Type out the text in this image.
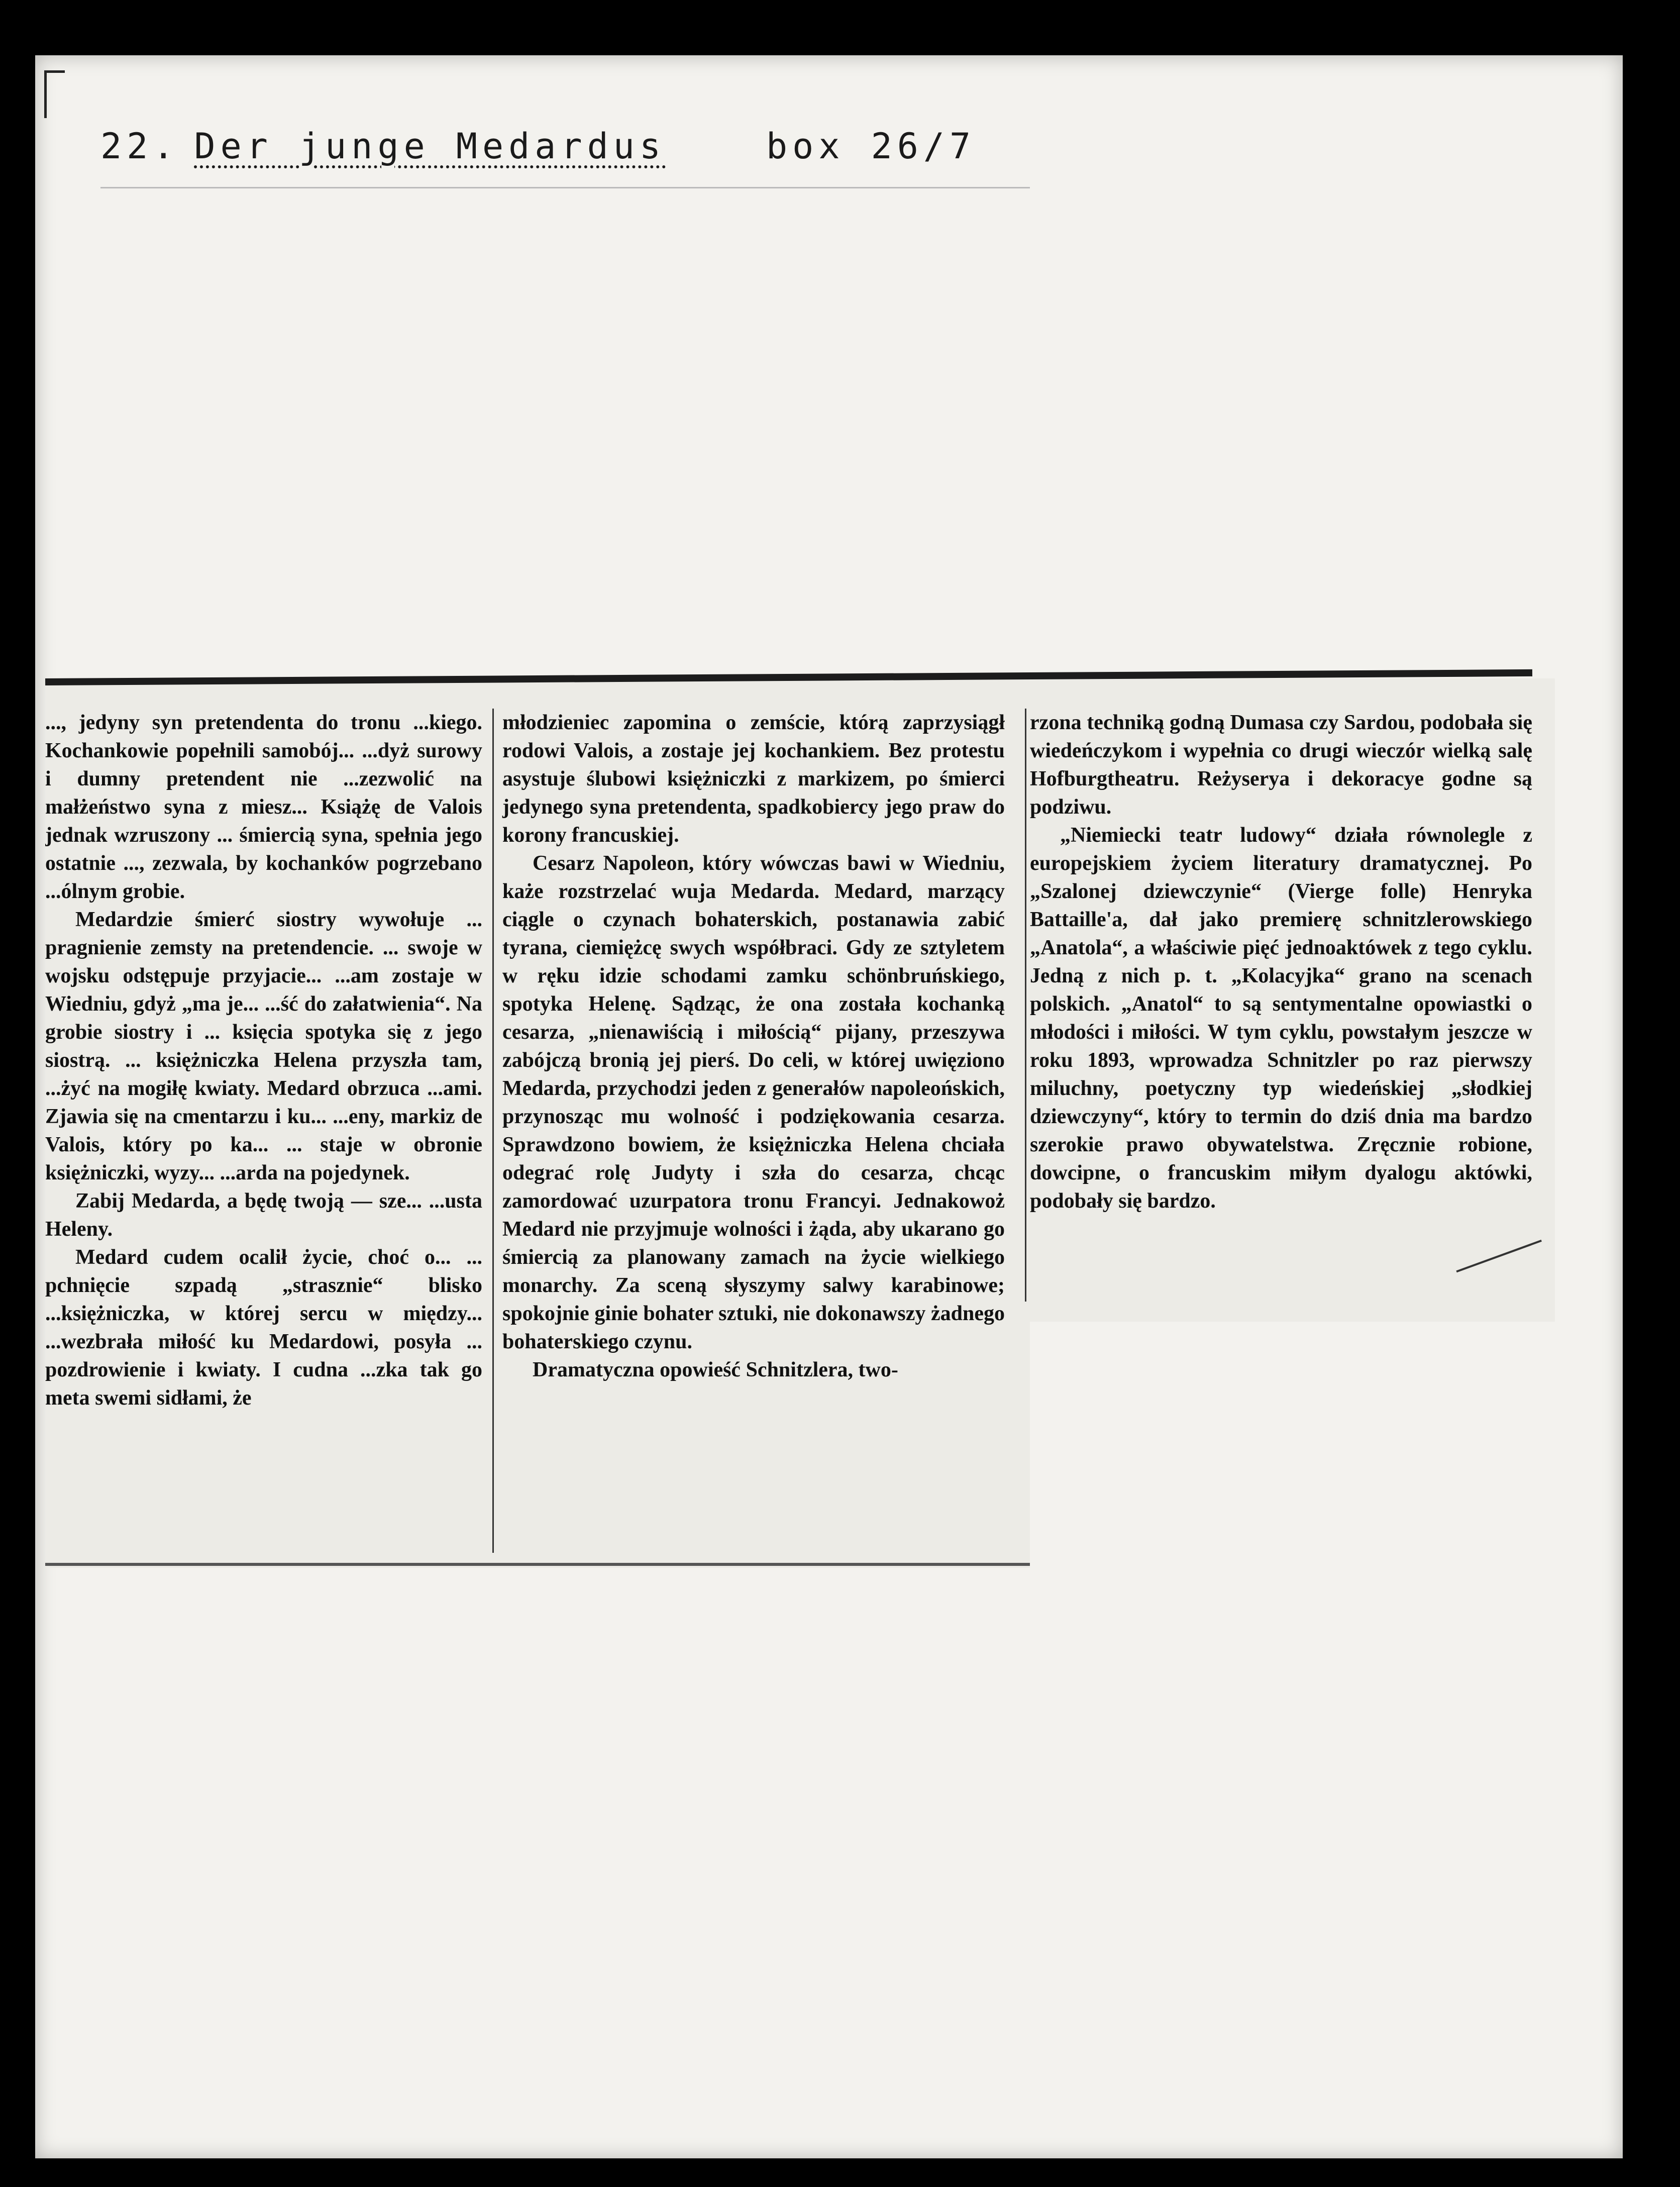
22. Der junge Medardus	box 26/7

..., jedyny syn pretendenta do tronu ...kiego. Kochankowie popełnili samobój... ...dyż surowy i dumny pretendent nie ...zezwolić na małżeństwo syna z miesz... Książę de Valois jednak wzruszony ... śmiercią syna, spełnia jego ostatnie ..., zezwala, by kochanków pogrzebano ...ólnym grobie.

Medardzie śmierć siostry wywołuje ... pragnienie zemsty na pretendencie. ... swoje w wojsku odstępuje przyjacie... ...am zostaje w Wiedniu, gdyż „ma je... ...ść do załatwienia“. Na grobie siostry i ... księcia spotyka się z jego siostrą. ... księżniczka Helena przyszła tam, ...żyć na mogiłę kwiaty. Medard obrzuca ...ami. Zjawia się na cmentarzu i ku... ...eny, markiz de Valois, który po ka... ... staje w obronie księżniczki, wyzy... ...arda na pojedynek.

Zabij Medarda, a będę twoją — sze... ...usta Heleny.

Medard cudem ocalił życie, choć o... ... pchnięcie szpadą „strasznie“ blisko ...księżniczka, w której sercu w między... ...wezbrała miłość ku Medardowi, posyła ... pozdrowienie i kwiaty. I cudna ...zka tak go meta swemi sidłami, że

młodzieniec zapomina o zemście, którą zaprzysiągł rodowi Valois, a zostaje jej kochankiem. Bez protestu asystuje ślubowi księżniczki z markizem, po śmierci jedynego syna pretendenta, spadkobiercy jego praw do korony francuskiej.

Cesarz Napoleon, który wówczas bawi w Wiedniu, każe rozstrzelać wuja Medarda. Medard, marzący ciągle o czynach bohaterskich, postanawia zabić tyrana, ciemiężcę swych współbraci. Gdy ze sztyletem w ręku idzie schodami zamku schönbruńskiego, spotyka Helenę. Sądząc, że ona została kochanką cesarza, „nienawiścią i miłością“ pijany, przeszywa zabójczą bronią jej pierś. Do celi, w której uwięziono Medarda, przychodzi jeden z generałów napoleońskich, przynosząc mu wolność i podziękowania cesarza. Sprawdzono bowiem, że księżniczka Helena chciała odegrać rolę Judyty i szła do cesarza, chcąc zamordować uzurpatora tronu Francyi. Jednakowoż Medard nie przyjmuje wolności i żąda, aby ukarano go śmiercią za planowany zamach na życie wielkiego monarchy. Za sceną słyszymy salwy karabinowe; spokojnie ginie bohater sztuki, nie dokonawszy żadnego bohaterskiego czynu.

Dramatyczna opowieść Schnitzlera, two-

rzona techniką godną Dumasa czy Sardou, podobała się wiedeńczykom i wypełnia co drugi wieczór wielką salę Hofburgtheatru. Reżyserya i dekoracye godne są podziwu.

„Niemiecki teatr ludowy“ działa równolegle z europejskiem życiem literatury dramatycznej. Po „Szalonej dziewczynie“ (Vierge folle) Henryka Battaille'a, dał jako premierę schnitzlerowskiego „Anatola“, a właściwie pięć jednoaktówek z tego cyklu. Jedną z nich p. t. „Kolacyjka“ grano na scenach polskich. „Anatol“ to są sentymentalne opowiastki o młodości i miłości. W tym cyklu, powstałym jeszcze w roku 1893, wprowadza Schnitzler po raz pierwszy miluchny, poetyczny typ wiedeńskiej „słodkiej dziewczyny“, który to termin do dziś dnia ma bardzo szerokie prawo obywatelstwa. Zręcznie robione, dowcipne, o francuskim miłym dyalogu aktówki, podobały się bardzo.
